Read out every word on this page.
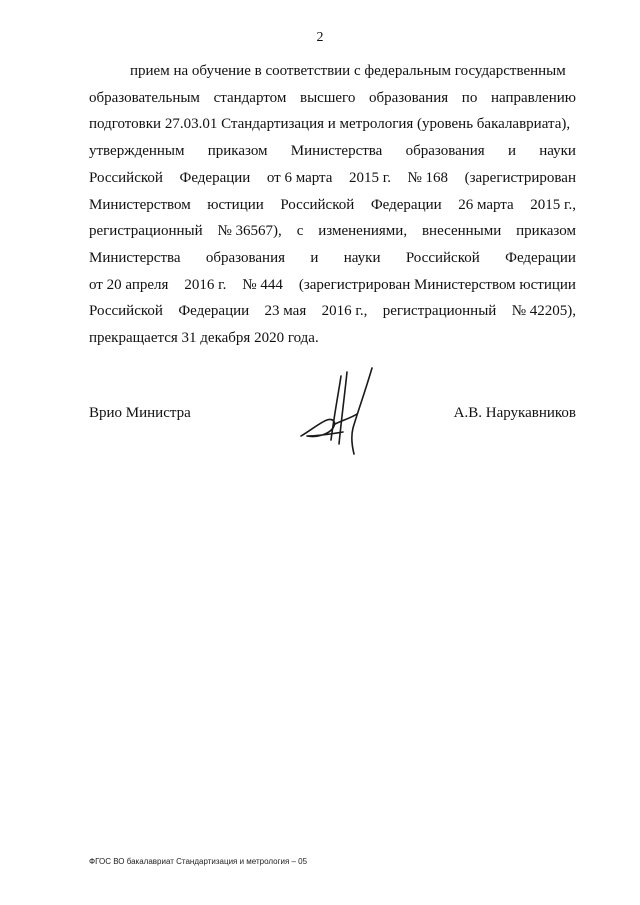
2
прием на обучение в соответствии с федеральным государственным
образовательным стандартом высшего образования по направлению
подготовки 27.03.01 Стандартизация и метрология (уровень бакалавриата),
утвержденным приказом Министерства образования и науки
Российской Федерации от 6 марта 2015 г. № 168 (зарегистрирован
Министерством юстиции Российской Федерации 26 марта 2015 г.,
регистрационный № 36567), с изменениями, внесенными приказом
Министерства образования и науки Российской Федерации
от 20 апреля 2016 г. № 444 (зарегистрирован Министерством юстиции
Российской Федерации 23 мая 2016 г., регистрационный № 42205),
прекращается 31 декабря 2020 года.
Врио Министра	А.В. Нарукавников
ФГОС ВО бакалавриат Стандартизация и метрология – 05
